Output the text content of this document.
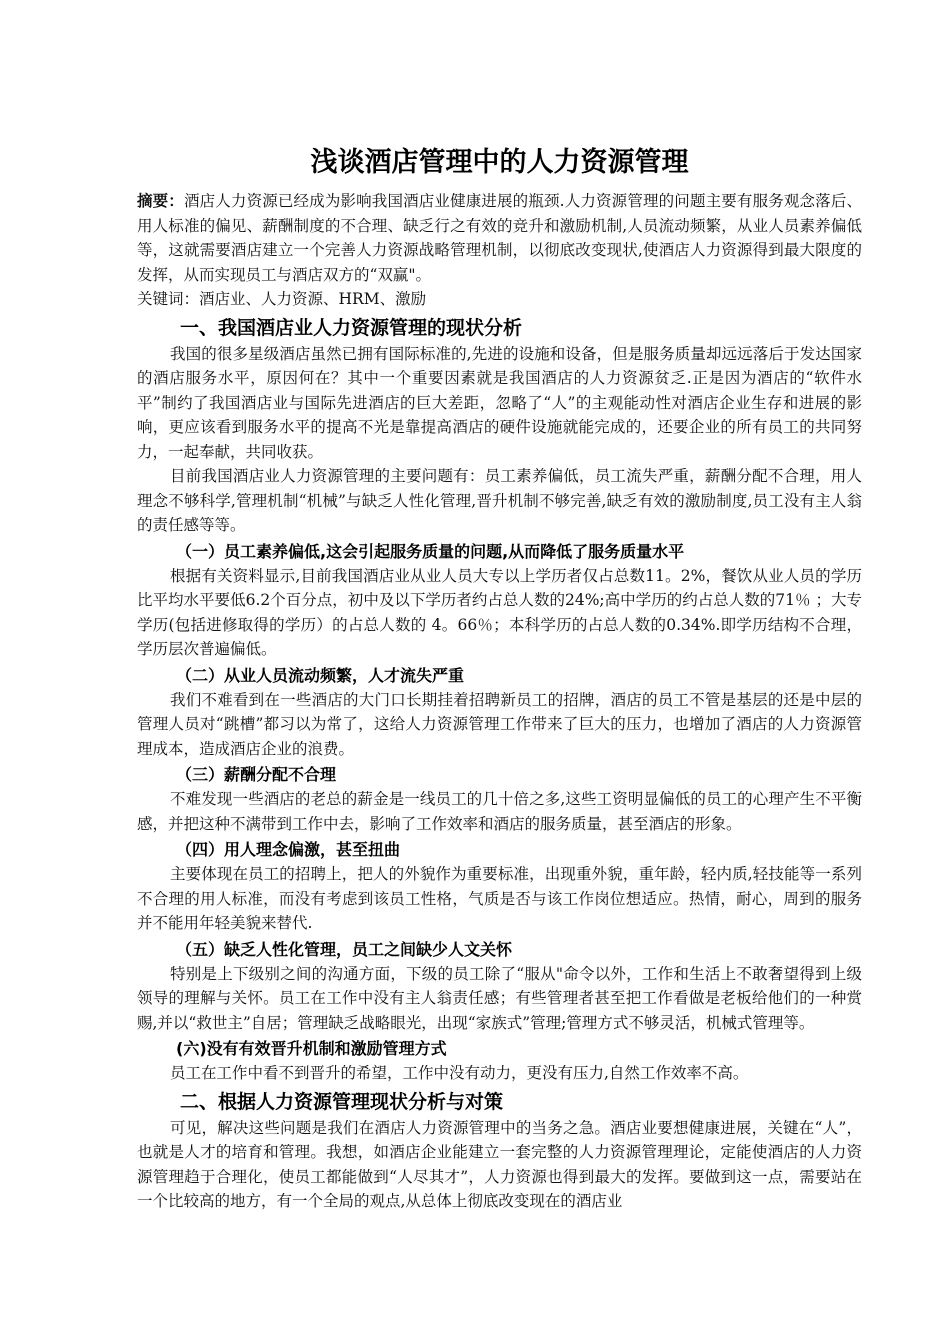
浅谈酒店管理中的人力资源管理

摘要：酒店人力资源已经成为影响我国酒店业健康进展的瓶颈.人力资源管理的问题主要有服务观念落后、用人标准的偏见、薪酬制度的不合理、缺乏行之有效的竞升和激励机制,人员流动频繁，从业人员素养偏低等，这就需要酒店建立一个完善人力资源战略管理机制，以彻底改变现状,使酒店人力资源得到最大限度的发挥，从而实现员工与酒店双方的“双赢"。

关键词：酒店业、人力资源、HRM、激励

一、我国酒店业人力资源管理的现状分析

我国的很多星级酒店虽然已拥有国际标准的,先进的设施和设备，但是服务质量却远远落后于发达国家的酒店服务水平，原因何在？其中一个重要因素就是我国酒店的人力资源贫乏.正是因为酒店的“软件水平”制约了我国酒店业与国际先进酒店的巨大差距，忽略了“人”的主观能动性对酒店企业生存和进展的影响，更应该看到服务水平的提高不光是靠提高酒店的硬件设施就能完成的，还要企业的所有员工的共同努力，一起奉献，共同收获。

目前我国酒店业人力资源管理的主要问题有：员工素养偏低，员工流失严重，薪酬分配不合理，用人理念不够科学,管理机制“机械”与缺乏人性化管理,晋升机制不够完善,缺乏有效的激励制度,员工没有主人翁的责任感等等。

（一）员工素养偏低,这会引起服务质量的问题,从而降低了服务质量水平

根据有关资料显示,目前我国酒店业从业人员大专以上学历者仅占总数11。2%，餐饮从业人员的学历比平均水平要低6.2个百分点，初中及以下学历者约占总人数的24%;高中学历的约占总人数的71％ ；大专学历(包括进修取得的学历）的占总人数的 4。66％；本科学历的占总人数的0.34%.即学历结构不合理，学历层次普遍偏低。

（二）从业人员流动频繁，人才流失严重

我们不难看到在一些酒店的大门口长期挂着招聘新员工的招牌，酒店的员工不管是基层的还是中层的管理人员对“跳槽”都习以为常了，这给人力资源管理工作带来了巨大的压力，也增加了酒店的人力资源管理成本，造成酒店企业的浪费。

（三）薪酬分配不合理

不难发现一些酒店的老总的薪金是一线员工的几十倍之多,这些工资明显偏低的员工的心理产生不平衡感，并把这种不满带到工作中去，影响了工作效率和酒店的服务质量，甚至酒店的形象。

（四）用人理念偏激，甚至扭曲

主要体现在员工的招聘上，把人的外貌作为重要标准，出现重外貌，重年龄，轻内质,轻技能等一系列不合理的用人标准，而没有考虑到该员工性格，气质是否与该工作岗位想适应。热情，耐心，周到的服务并不能用年轻美貌来替代.

（五）缺乏人性化管理，员工之间缺少人文关怀

特别是上下级别之间的沟通方面，下级的员工除了“服从"命令以外，工作和生活上不敢奢望得到上级领导的理解与关怀。员工在工作中没有主人翁责任感；有些管理者甚至把工作看做是老板给他们的一种赏赐,并以“救世主”自居；管理缺乏战略眼光，出现“家族式”管理;管理方式不够灵活，机械式管理等。

(六)没有有效晋升机制和激励管理方式

员工在工作中看不到晋升的希望，工作中没有动力，更没有压力,自然工作效率不高。

二、根据人力资源管理现状分析与对策

可见，解决这些问题是我们在酒店人力资源管理中的当务之急。酒店业要想健康进展，关键在“人”，也就是人才的培育和管理。我想，如酒店企业能建立一套完整的人力资源管理理论，定能使酒店的人力资源管理趋于合理化，使员工都能做到“人尽其才”，人力资源也得到最大的发挥。要做到这一点，需要站在一个比较高的地方，有一个全局的观点,从总体上彻底改变现在的酒店业
